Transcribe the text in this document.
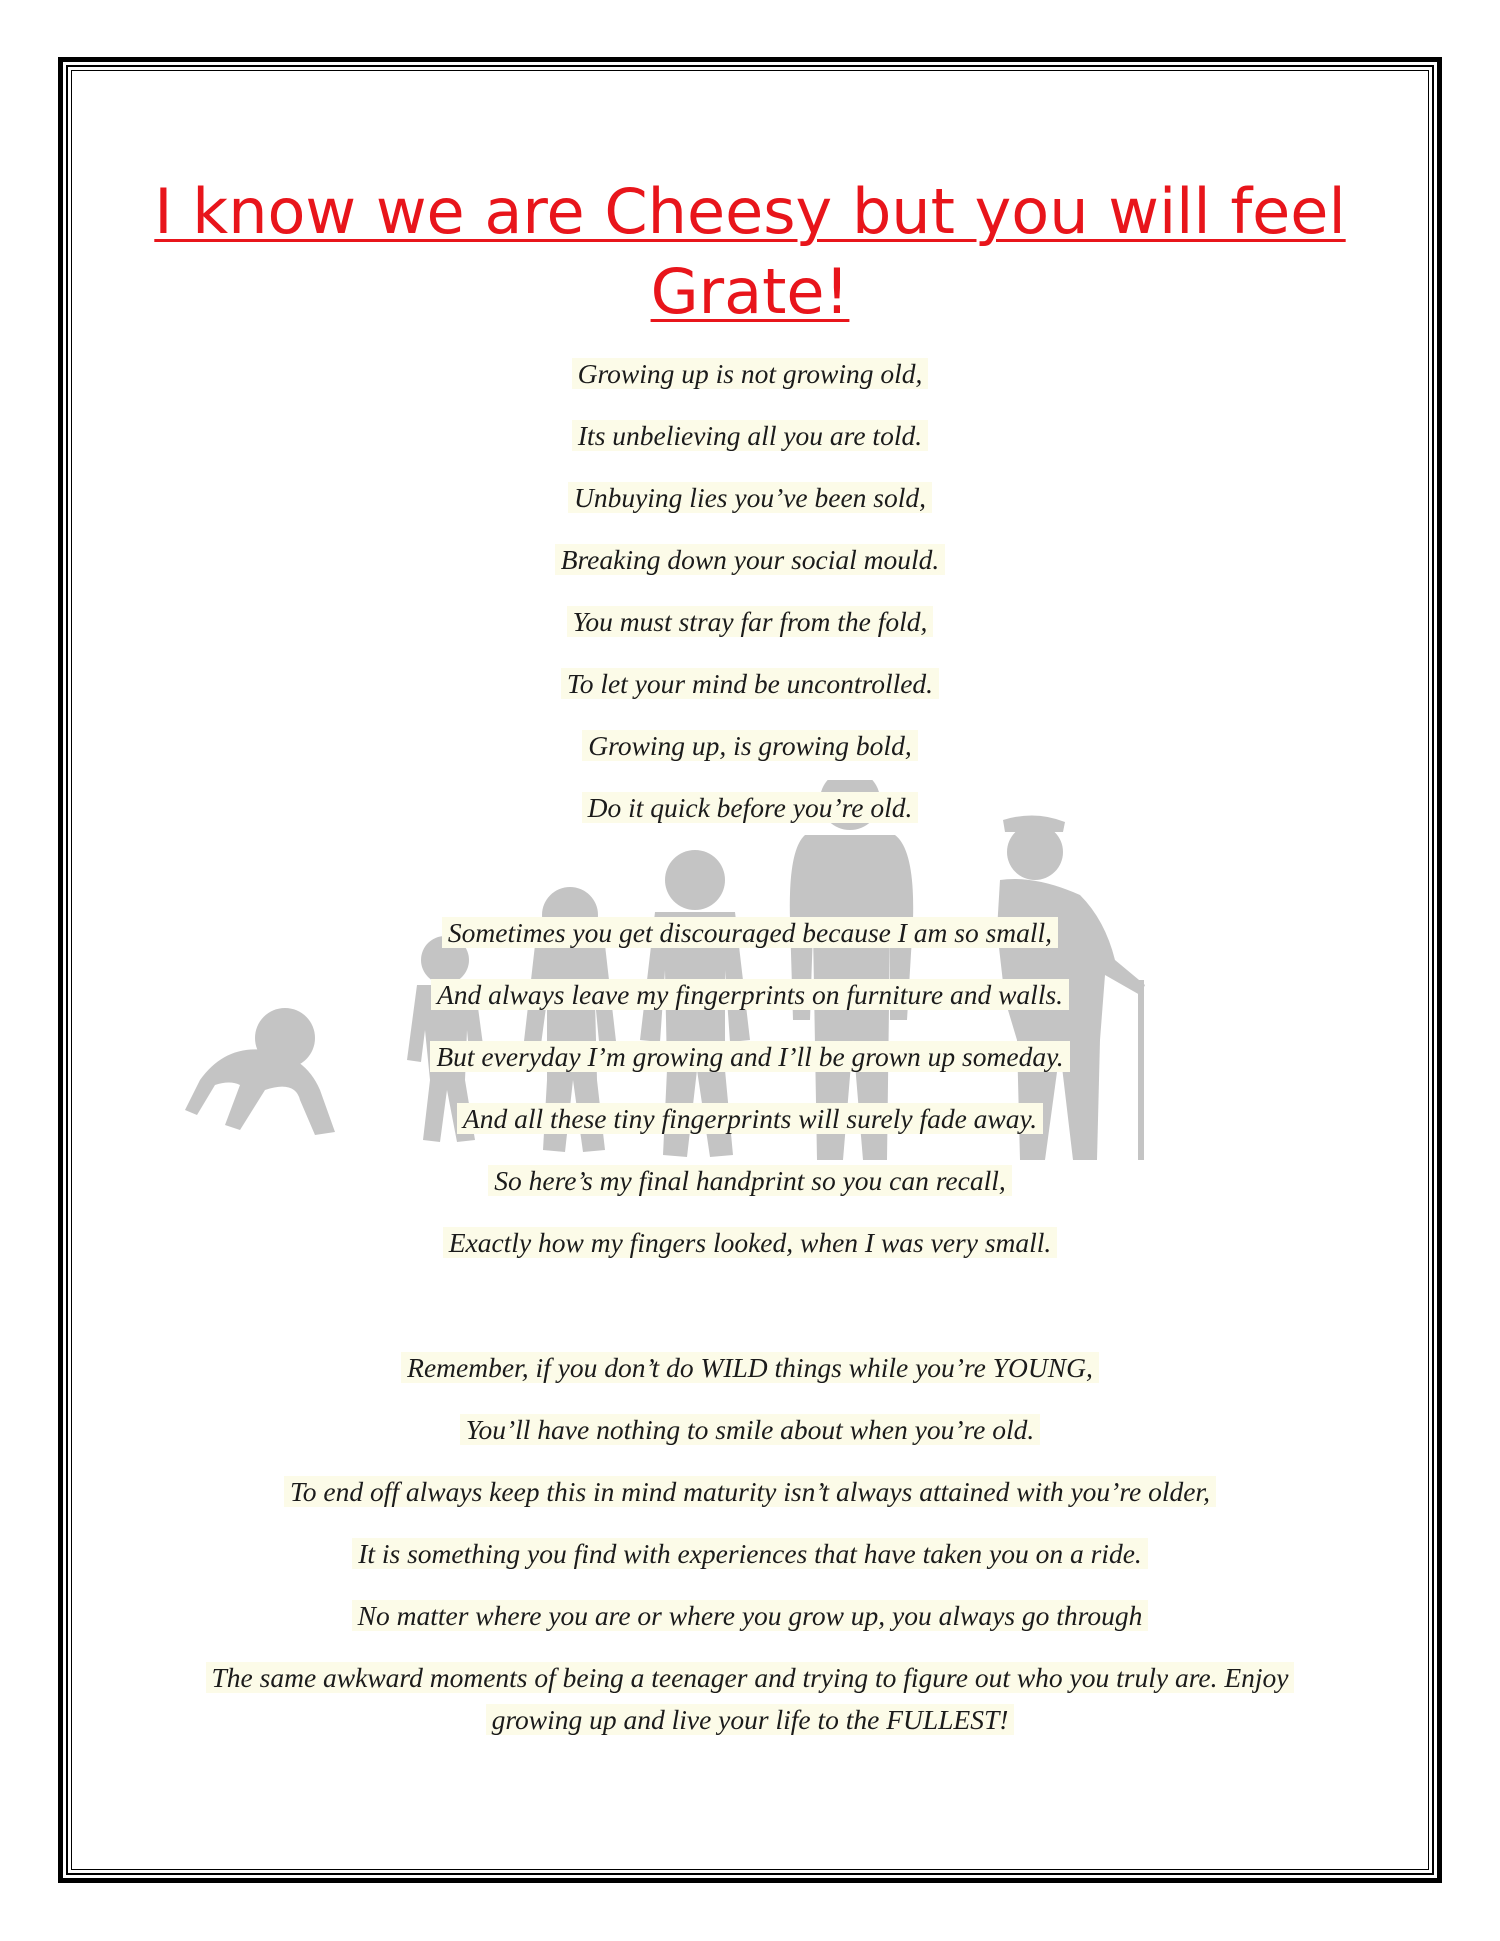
I know we are Cheesy but you will feel Grate!
Growing up is not growing old,
Its unbelieving all you are told.
Unbuying lies you’ve been sold,
Breaking down your social mould.
You must stray far from the fold,
To let your mind be uncontrolled.
Growing up, is growing bold,
Do it quick before you’re old.
Sometimes you get discouraged because I am so small,
And always leave my fingerprints on furniture and walls.
But everyday I’m growing and I’ll be grown up someday.
And all these tiny fingerprints will surely fade away.
So here’s my final handprint so you can recall,
Exactly how my fingers looked, when I was very small.
Remember, if you don’t do WILD things while you’re YOUNG,
You’ll have nothing to smile about when you’re old.
To end off always keep this in mind maturity isn’t always attained with you’re older,
It is something you find with experiences that have taken you on a ride.
No matter where you are or where you grow up, you always go through
The same awkward moments of being a teenager and trying to figure out who you truly are. Enjoy growing up and live your life to the FULLEST!
